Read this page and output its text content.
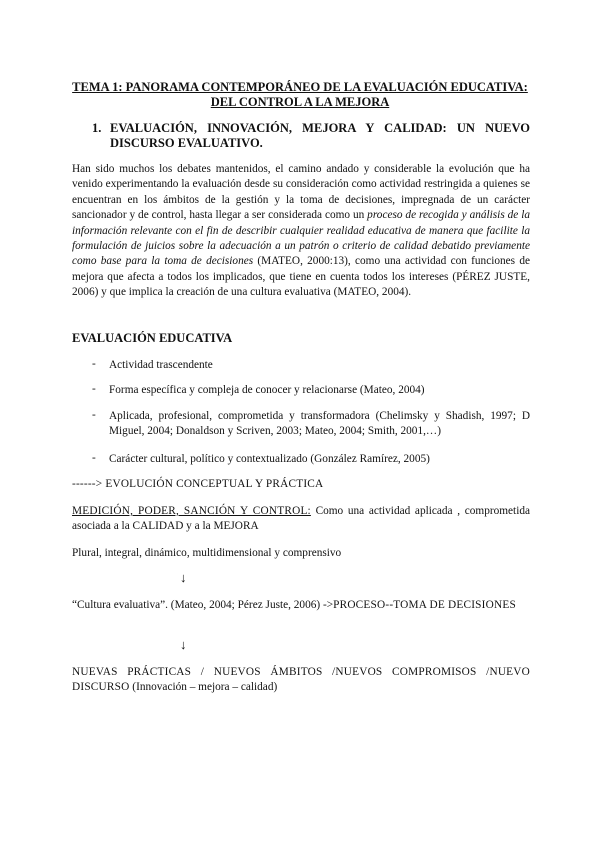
TEMA 1: PANORAMA CONTEMPORÁNEO DE LA EVALUACIÓN EDUCATIVA:
DEL CONTROL A LA MEJORA
1. EVALUACIÓN, INNOVACIÓN, MEJORA Y CALIDAD: UN NUEVO DISCURSO EVALUATIVO.

Han sido muchos los debates mantenidos, el camino andado y considerable la evolución que ha venido experimentando la evaluación desde su consideración como actividad restringida a quienes se encuentran en los ámbitos de la gestión y la toma de decisiones, impregnada de un carácter sancionador y de control, hasta llegar a ser considerada como un proceso de recogida y análisis de la información relevante con el fin de describir cualquier realidad educativa de manera que facilite la formulación de juicios sobre la adecuación a un patrón o criterio de calidad debatido previamente como base para la toma de decisiones (MATEO, 2000:13), como una actividad con funciones de mejora que afecta a todos los implicados, que tiene en cuenta todos los intereses (PÉREZ JUSTE, 2006) y que implica la creación de una cultura evaluativa (MATEO, 2004).

EVALUACIÓN EDUCATIVA
- Actividad trascendente

- Forma específica y compleja de conocer y relacionarse (Mateo, 2004)

- Aplicada, profesional, comprometida y transformadora (Chelimsky y Shadish, 1997; D Miguel, 2004; Donaldson y Scriven, 2003; Mateo, 2004; Smith, 2001,…)

- Carácter cultural, político y contextualizado (González Ramírez, 2005)

------> EVOLUCIÓN CONCEPTUAL Y PRÁCTICA

MEDICIÓN, PODER, SANCIÓN Y CONTROL: Como una actividad aplicada , comprometida asociada a la CALIDAD y a la MEJORA

Plural, integral, dinámico, multidimensional y comprensivo

↓

“Cultura evaluativa”. (Mateo, 2004; Pérez Juste, 2006) ->PROCESO--TOMA DE DECISIONES

↓

NUEVAS PRÁCTICAS / NUEVOS ÁMBITOS /NUEVOS COMPROMISOS /NUEVO DISCURSO (Innovación – mejora – calidad)
